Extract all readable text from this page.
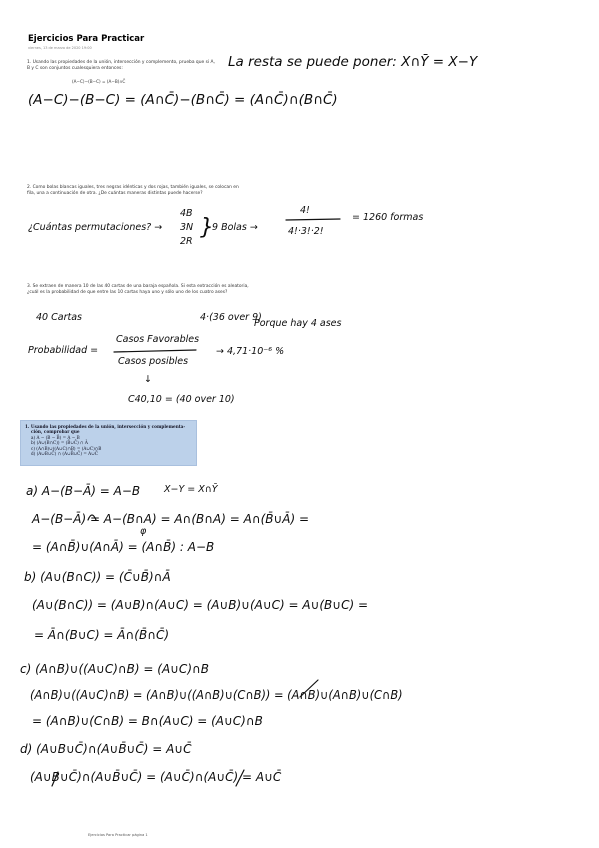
Ejercicios Para Practicar
viernes, 13 de marzo de 2020 19:00
1. Usando las propiedades de la unión, intersección y complemento, prueba que si A, B y C son conjuntos cualesquiera entonces:
(A−C)−(B−C) = (A−B)∩C̄
La resta se puede poner: X∩Ȳ = X−Y
(A−C)−(B−C) = (A∩C̄)−(B∩C̄) = (A∩C̄)∩(B∩C̄)
2. Como bolas blancas iguales, tres negras idénticas y dos rojas, también iguales, se colocan en
fila, una a continuación de otra. ¿De cuántas maneras distintas puede hacerse?
¿Cuántas permutaciones? →
4B
3N
2R
}
9 Bolas →
4!
4!·3!·2!
= 1260 formas
3. Se extraen de manera 10 de las 40 cartas de una baraja española. Si esta extracción es aleatoria,
¿cuál es la probabilidad de que entre las 10 cartas haya uno y sólo uno de los cuatro ases?
40 Cartas	4·(36 over 9)
Porque hay 4 ases
Probabilidad =
Casos Favorables
Casos posibles
→ 4,71·10⁻⁶ %
↓
C40,10 = (40 over 10)
1. Usando las propiedades de la unión, intersección y complementa-
ción, comprobar que
a) A − (B − B̄) = A − B
b) (A∪(B∩C)) = (B̄∪C̄) ∩ Ā
c) (A∩B)∪((A∪C)∩B) = (A∪C)∩B
d) (A∪B∪C̄) ∩ (A∪B̄∪C̄) = A∪C̄
a) A−(B−Ā) = A−B	X−Y = X∩Ȳ
A−(B−Ā) = A−(B∩A) = A∩(B∩A) = A∩(B̄∪Ā) =
= (A∩B̄)∪(A∩Ā) = (A∩B̄) : A−B
φ
b) (A∪(B∩C)) = (C̄∪B̄)∩Ā
(A∪(B∩C)) = (A∪B)∩(A∪C) = (A∪B)∪(A∪C) = A∪(B∪C) =
= Ā∩(B∪C) = Ā∩(B̄∩C̄)
c) (A∩B)∪((A∪C)∩B) = (A∪C)∩B
(A∩B)∪((A∪C)∩B) = (A∩B)∪((A∩B)∪(C∩B)) = (A∩B)∪(A∩B)∪(C∩B)
= (A∩B)∪(C∩B) = B∩(A∪C) = (A∪C)∩B
d) (A∪B∪C̄)∩(A∪B̄∪C̄) = A∪C̄
(A∪B∪C̄)∩(A∪B̄∪C̄) = (A∪C̄)∩(A∪C̄) = A∪C̄
Ejercicios Para Practicar página 1
